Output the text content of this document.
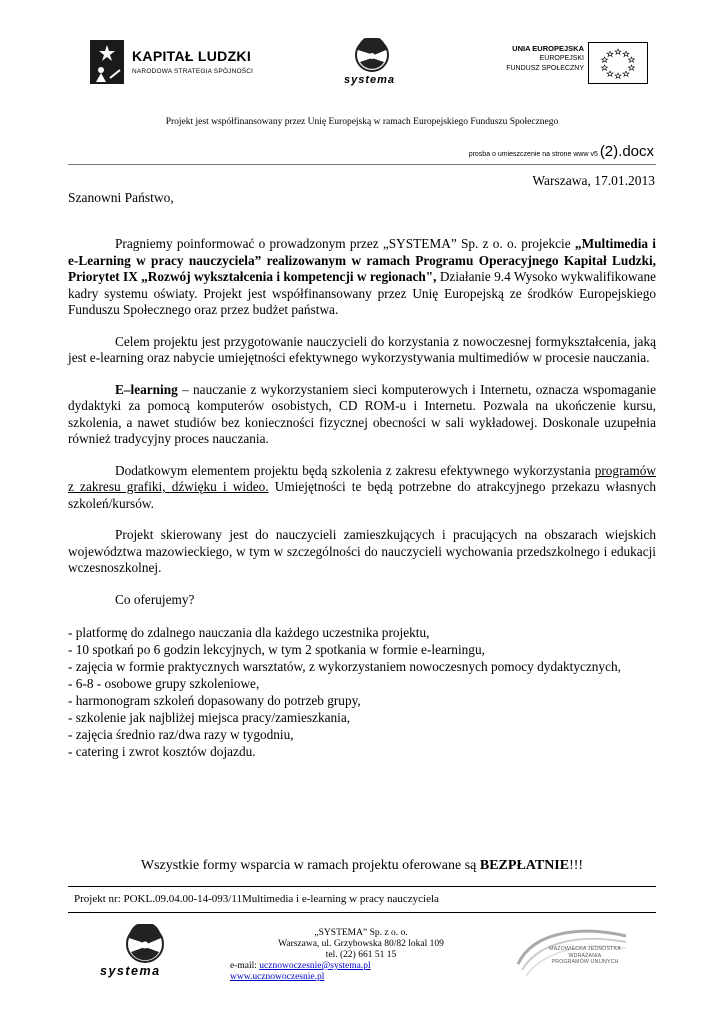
KAPITAŁ LUDZKI
NARODOWA STRATEGIA SPÓJNOŚCI
systema
UNIA EUROPEJSKA
EUROPEJSKI
FUNDUSZ SPOŁECZNY
Projekt jest współfinansowany przez Unię Europejską w ramach Europejskiego Funduszu Społecznego
prosba o umieszczenie na strone www v5 (2).docx
Warszawa, 17.01.2013
Szanowni Państwo,

Pragniemy poinformować o prowadzonym przez „SYSTEMA” Sp. z o. o. projekcie „Multimedia i e-Learning w pracy nauczyciela” realizowanym w ramach Programu Operacyjnego Kapitał Ludzki, Priorytet IX „Rozwój wykształcenia i kompetencji w regionach", Działanie 9.4 Wysoko wykwalifikowane kadry systemu oświaty. Projekt jest współfinansowany przez Unię Europejską ze środków Europejskiego Funduszu Społecznego oraz przez budżet państwa.

Celem projektu jest przygotowanie nauczycieli do korzystania z nowoczesnej formykształcenia, jaką jest e-learning oraz nabycie umiejętności efektywnego wykorzystywania multimediów w procesie nauczania.

E–learning – nauczanie z wykorzystaniem sieci komputerowych i Internetu, oznacza wspomaganie dydaktyki za pomocą komputerów osobistych, CD ROM-u i Internetu. Pozwala na ukończenie kursu, szkolenia, a nawet studiów bez konieczności fizycznej obecności w sali wykładowej. Doskonale uzupełnia również tradycyjny proces nauczania.

Dodatkowym elementem projektu będą szkolenia z zakresu efektywnego wykorzystania programów z zakresu grafiki, dźwięku i wideo. Umiejętności te będą potrzebne do atrakcyjnego przekazu własnych szkoleń/kursów.

Projekt skierowany jest do nauczycieli zamieszkujących i pracujących na obszarach wiejskich województwa mazowieckiego, w tym w szczególności do nauczycieli wychowania przedszkolnego i edukacji wczesnoszkolnej.

Co oferujemy?

- platformę do zdalnego nauczania dla każdego uczestnika projektu,
- 10 spotkań po 6 godzin lekcyjnych, w tym 2 spotkania w formie e-learningu,
- zajęcia w formie praktycznych warsztatów, z wykorzystaniem nowoczesnych pomocy dydaktycznych,
- 6-8 - osobowe grupy szkoleniowe,
- harmonogram szkoleń dopasowany do potrzeb grupy,
- szkolenie jak najbliżej miejsca pracy/zamieszkania,
- zajęcia średnio raz/dwa razy w tygodniu,
- catering i zwrot kosztów dojazdu.
Wszystkie formy wsparcia w ramach projektu oferowane są BEZPŁATNIE!!!
Projekt nr: POKL.09.04.00-14-093/11Multimedia i e-learning w pracy nauczyciela
systema
„SYSTEMA” Sp. z o. o.
Warszawa, ul. Grzybowska 80/82 lokal 109
tel. (22) 661 51 15
e-mail: ucznowoczesnie@systema.pl
www.ucznowoczesnie.pl
MAZOWIECKA JEDNOSTKA
WDRAŻANIA
PROGRAMÓW UNIJNYCH
